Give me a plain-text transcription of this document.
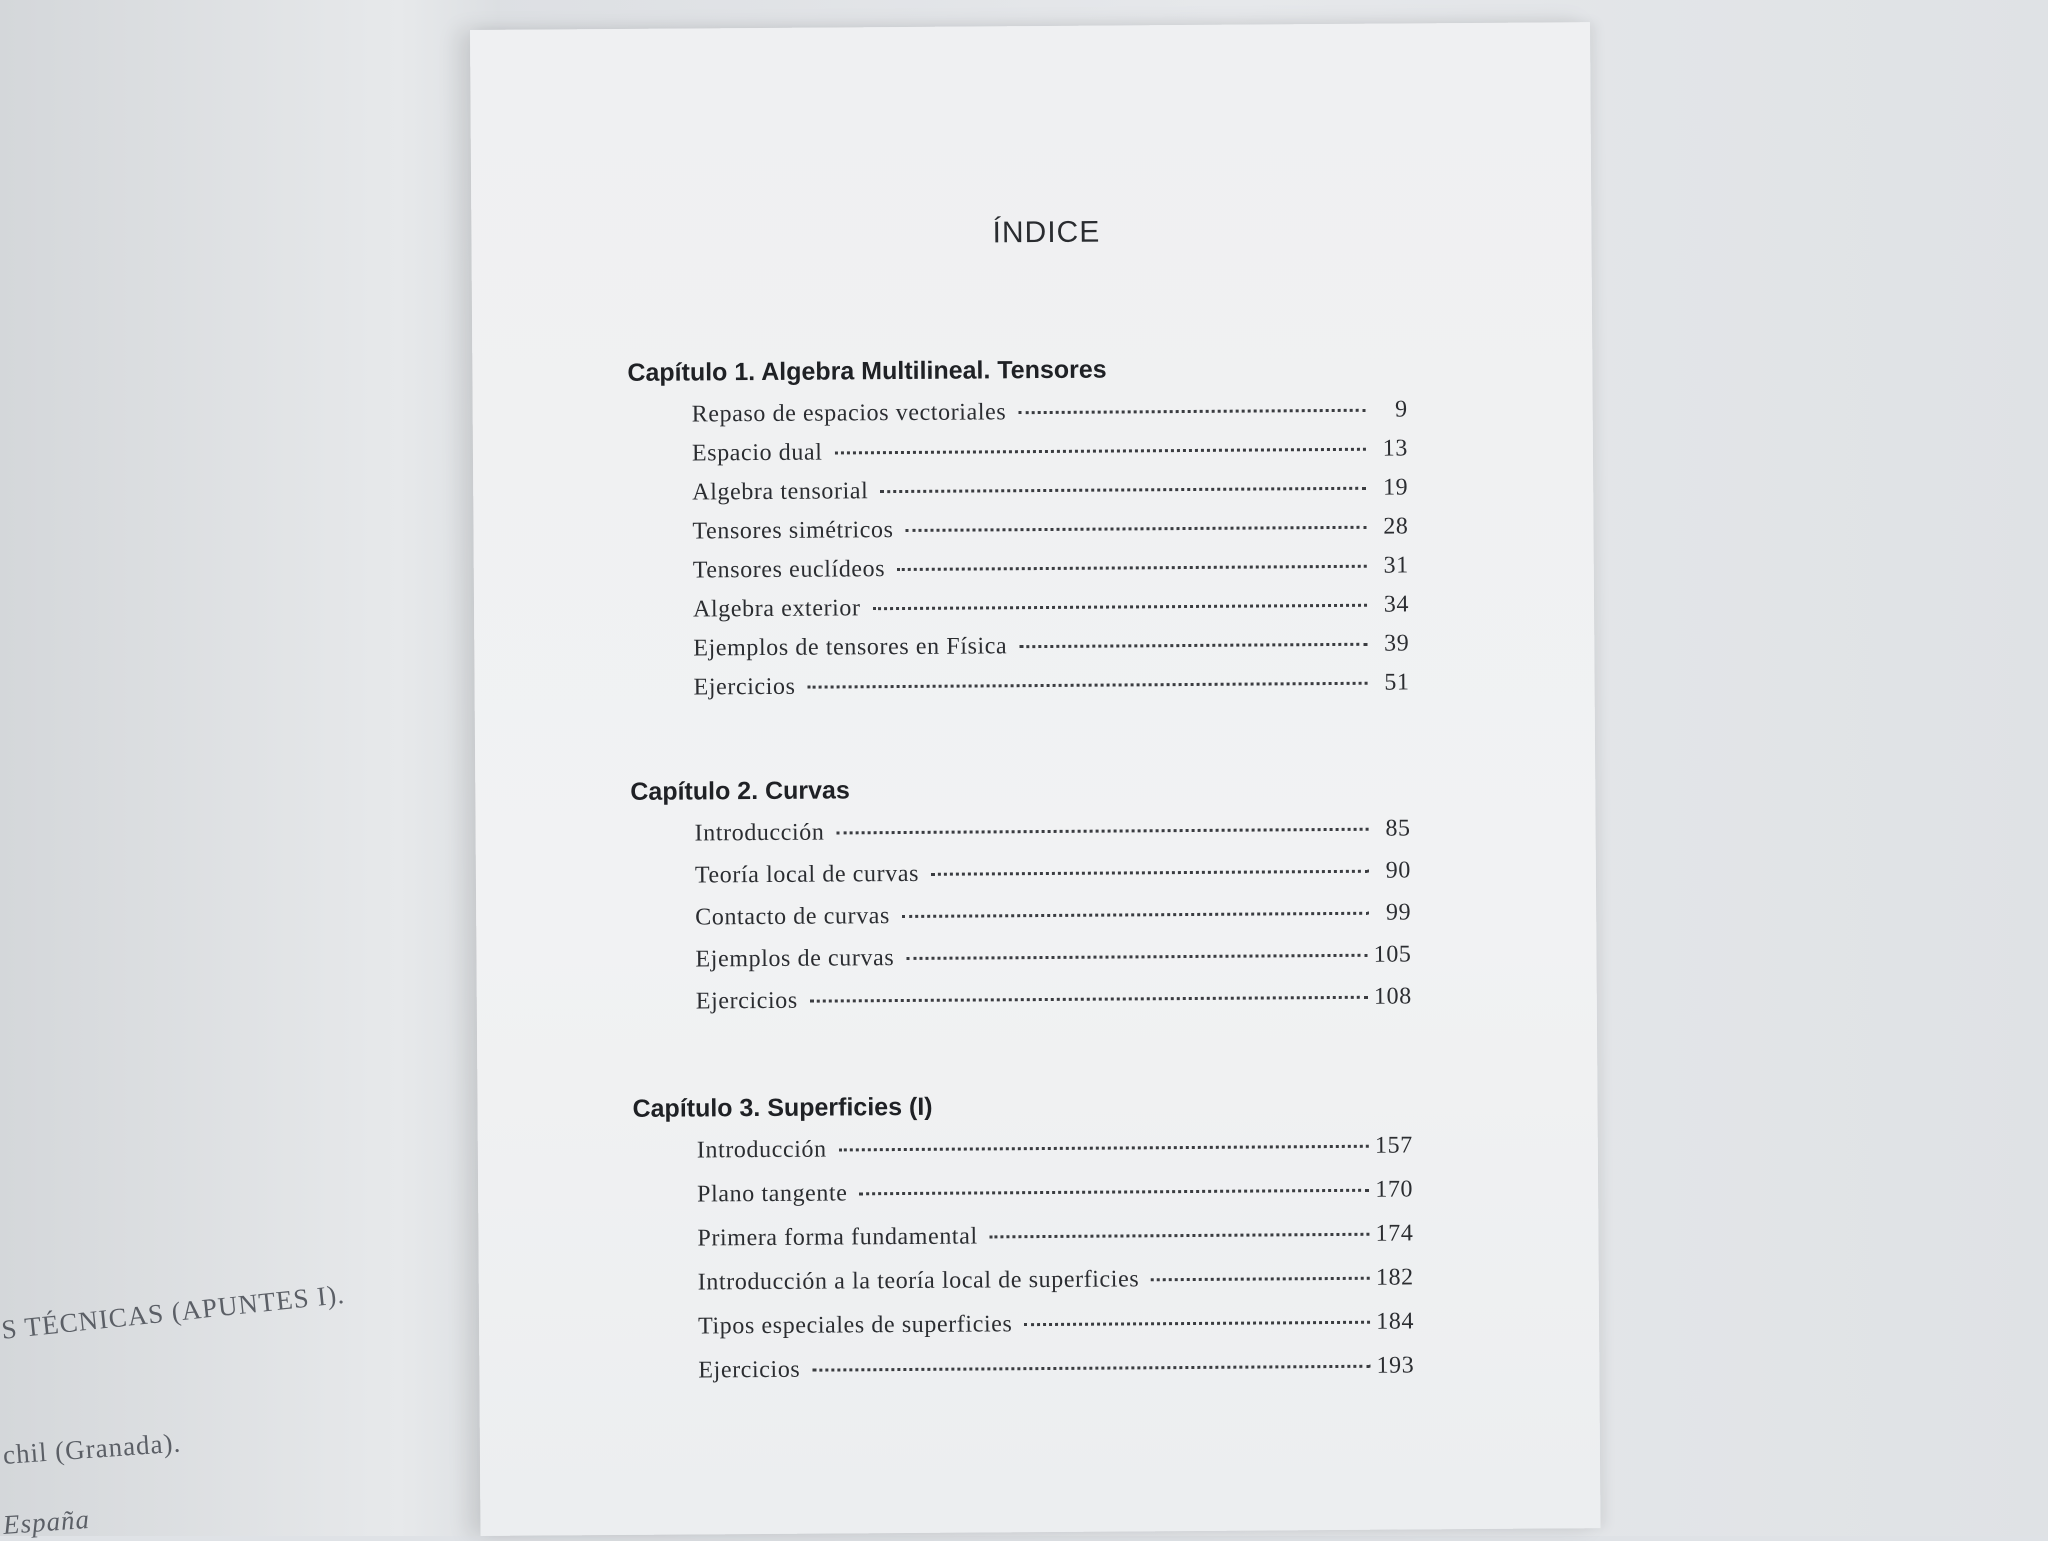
S TÉCNICAS (APUNTES I).
chil (Granada).
España
ÍNDICE
Capítulo 1. Algebra Multilineal. Tensores
Repaso de espacios vectoriales	9
Espacio dual	13
Algebra tensorial	19
Tensores simétricos	28
Tensores euclídeos	31
Algebra exterior	34
Ejemplos de tensores en Física	39
Ejercicios	51
Capítulo 2. Curvas
Introducción	85
Teoría local de curvas	90
Contacto de curvas	99
Ejemplos de curvas	105
Ejercicios	108
Capítulo 3. Superficies (I)
Introducción	157
Plano tangente	170
Primera forma fundamental	174
Introducción a la teoría local de superficies	182
Tipos especiales de superficies	184
Ejercicios	193
